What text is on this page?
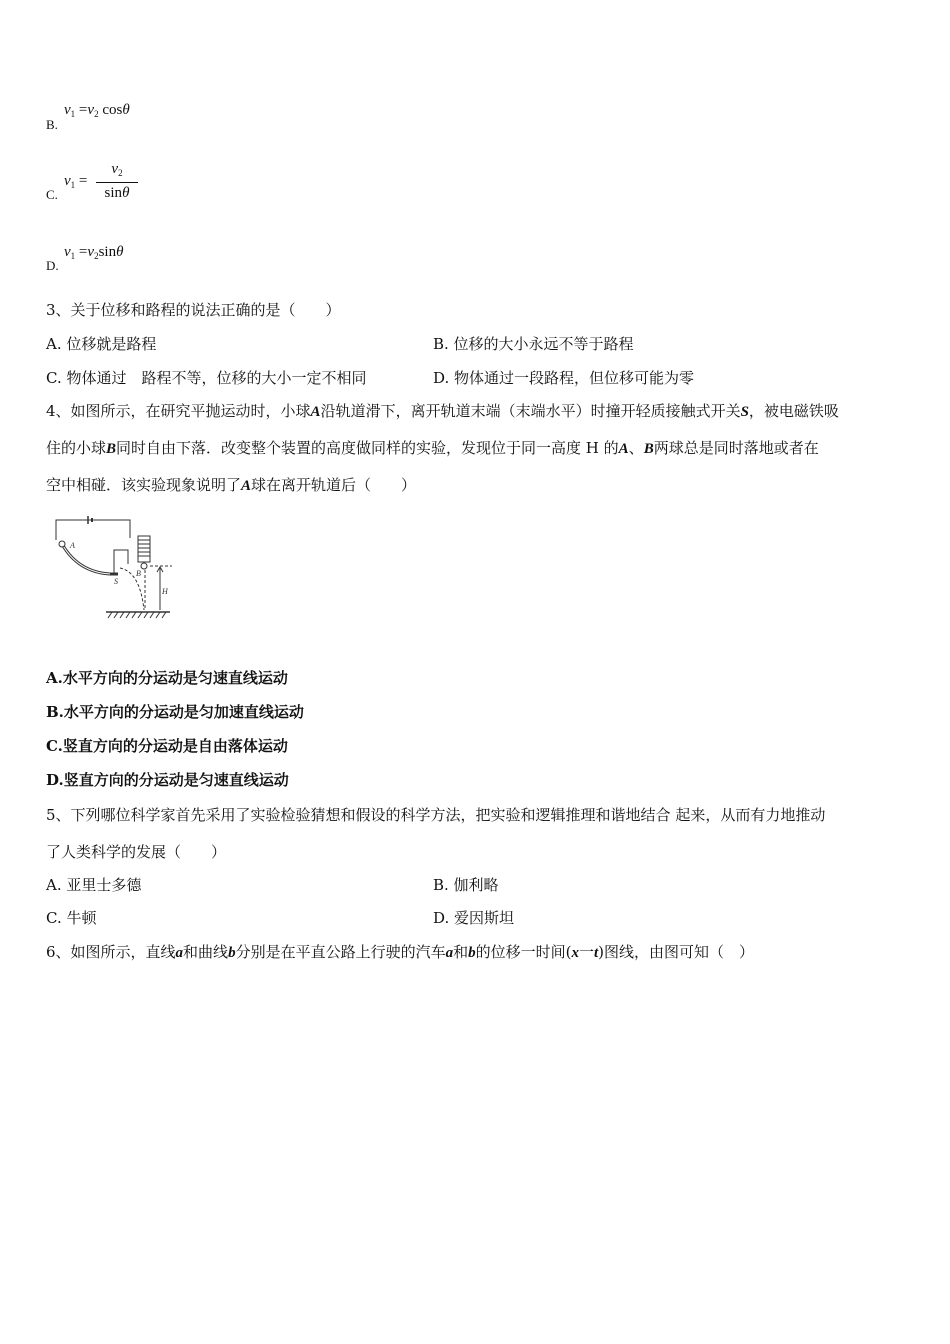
B.
$v_1 =v_2$ cosθ
C.
$v_1 = \frac{v_2}{\sin\theta}$
D.
$v_1 =v_2\sin\theta$
3、关于位移和路程的说法正确的是（　　）
A. 位移就是路程	B. 位移的大小永远不等于路程
C. 物体通过　路程不等，位移的大小一定不相同	D. 物体通过一段路程，但位移可能为零
4、如图所示，在研究平抛运动时，小球A沿轨道滑下，离开轨道末端（末端水平）时撞开轻质接触式开关S，被电磁铁吸
住的小球B同时自由下落．改变整个装置的高度做同样的实验，发现位于同一高度 H 的A、B两球总是同时落地或者在
空中相碰．该实验现象说明了A球在离开轨道后（　　）
A
S
B
H
A.水平方向的分运动是匀速直线运动
B.水平方向的分运动是匀加速直线运动
C.竖直方向的分运动是自由落体运动
D.竖直方向的分运动是匀速直线运动
5、下列哪位科学家首先采用了实验检验猜想和假设的科学方法，把实验和逻辑推理和谐地结合 起来，从而有力地推动
了人类科学的发展（　　）
A. 亚里士多德	B. 伽利略
C. 牛顿	D. 爱因斯坦
6、如图所示，直线a和曲线b分别是在平直公路上行驶的汽车a和b的位移一时间(x一t)图线，由图可知（　）
